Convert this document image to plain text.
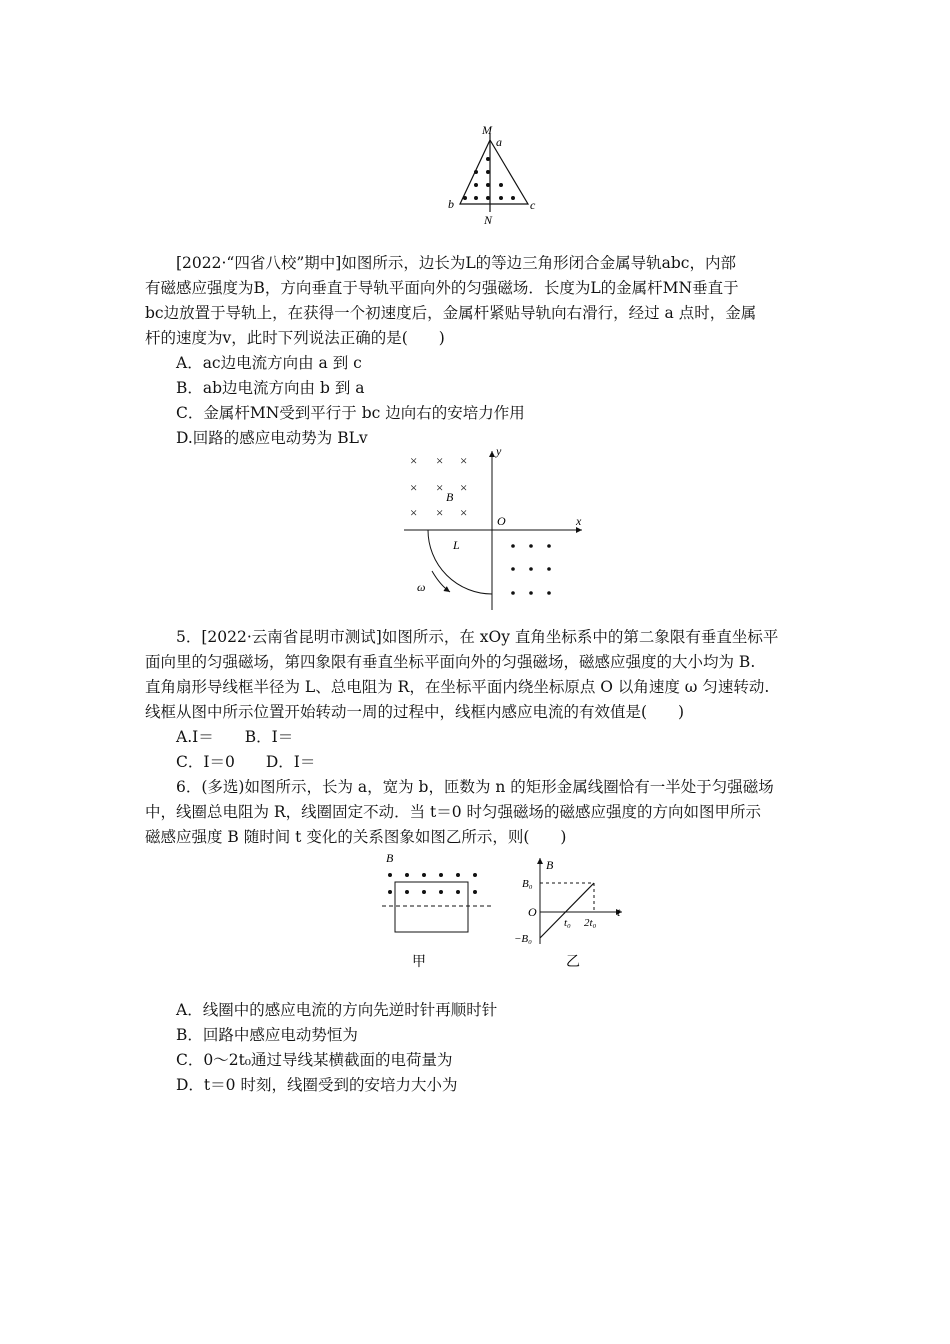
M
a
b	c
N
[2022·“四省八校”期中]如图所示，边长为L的等边三角形闭合金属导轨abc，内部
有磁感应强度为B，方向垂直于导轨平面向外的匀强磁场．长度为L的金属杆MN垂直于
bc边放置于导轨上，在获得一个初速度后，金属杆紧贴导轨向右滑行，经过 a 点时，金属
杆的速度为v，此时下列说法正确的是(　　)
A．ac边电流方向由 a 到 c
B．ab边电流方向由 b 到 a
C．金属杆MN受到平行于 bc 边向右的安培力作用
D.回路的感应电动势为 BLv
× × ×
× × ×
× × ×
y
x
O
B
L
ω
5．[2022·云南省昆明市测试]如图所示，在 xOy 直角坐标系中的第二象限有垂直坐标平
面向里的匀强磁场，第四象限有垂直坐标平面向外的匀强磁场，磁感应强度的大小均为 B.
直角扇形导线框半径为 L、总电阻为 R，在坐标平面内绕坐标原点 O 以角速度 ω 匀速转动.
线框从图中所示位置开始转动一周的过程中，线框内感应电流的有效值是(　　)
A.I＝　　B．I＝
C．I＝0　　D．I＝
6．(多选)如图所示，长为 a，宽为 b，匝数为 n 的矩形金属线圈恰有一半处于匀强磁场
中，线圈总电阻为 R，线圈固定不动．当 t＝0 时匀强磁场的磁感应强度的方向如图甲所示
磁感应强度 B 随时间 t 变化的关系图象如图乙所示，则(　　)
B
甲
B
B₀
O
−B₀
t₀ 2t₀
t
乙
A．线圈中的感应电流的方向先逆时针再顺时针
B．回路中感应电动势恒为
C．0～2t₀通过导线某横截面的电荷量为
D．t＝0 时刻，线圈受到的安培力大小为
